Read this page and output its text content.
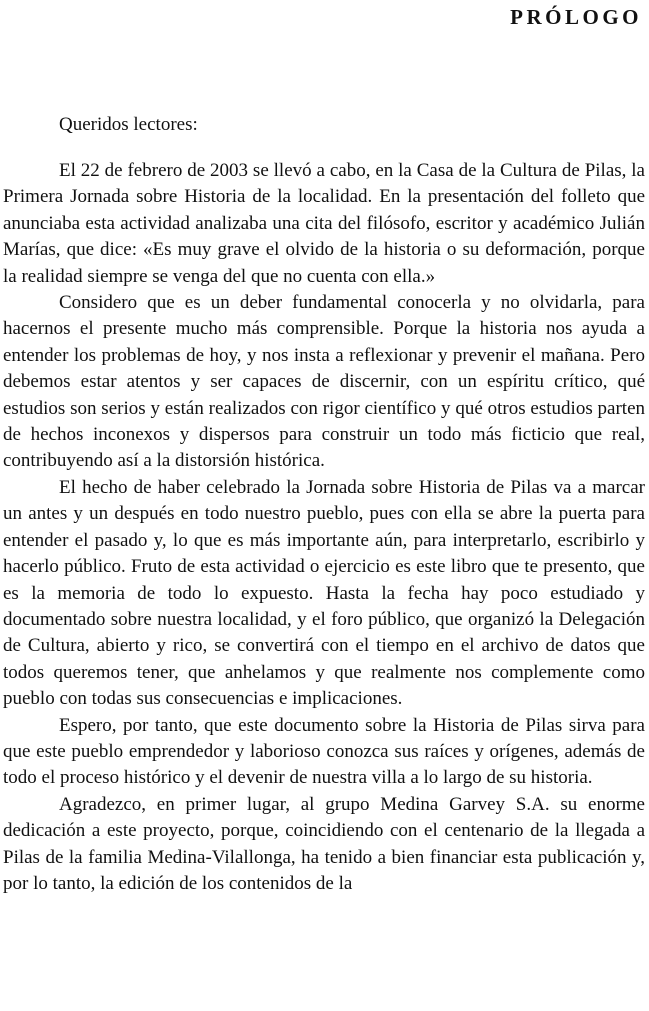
PRÓLOGO

Queridos lectores:

El 22 de febrero de 2003 se llevó a cabo, en la Casa de la Cultura de Pilas, la Primera Jornada sobre Historia de la localidad. En la presentación del folleto que anunciaba esta actividad analizaba una cita del filósofo, escritor y académico Julián Marías, que dice: «Es muy grave el olvido de la historia o su deformación, porque la realidad siempre se venga del que no cuenta con ella.»

Considero que es un deber fundamental conocerla y no olvidarla, para hacernos el presente mucho más comprensible. Porque la historia nos ayuda a entender los problemas de hoy, y nos insta a reflexionar y prevenir el mañana. Pero debemos estar atentos y ser capaces de discernir, con un espíritu crítico, qué estudios son serios y están realizados con rigor científico y qué otros estudios parten de hechos inconexos y dispersos para construir un todo más ficticio que real, contribuyendo así a la distorsión histórica.

El hecho de haber celebrado la Jornada sobre Historia de Pilas va a marcar un antes y un después en todo nuestro pueblo, pues con ella se abre la puerta para entender el pasado y, lo que es más importante aún, para interpretarlo, escribirlo y hacerlo público. Fruto de esta actividad o ejercicio es este libro que te presento, que es la memoria de todo lo expuesto. Hasta la fecha hay poco estudiado y documentado sobre nuestra localidad, y el foro público, que organizó la Delegación de Cultura, abierto y rico, se convertirá con el tiempo en el archivo de datos que todos queremos tener, que anhelamos y que realmente nos complemente como pueblo con todas sus consecuencias e implicaciones.

Espero, por tanto, que este documento sobre la Historia de Pilas sirva para que este pueblo emprendedor y laborioso conozca sus raíces y orígenes, además de todo el proceso histórico y el devenir de nuestra villa a lo largo de su historia.

Agradezco, en primer lugar, al grupo Medina Garvey S.A. su enorme dedicación a este proyecto, porque, coincidiendo con el centenario de la llegada a Pilas de la familia Medina-Vilallonga, ha tenido a bien financiar esta publicación y, por lo tanto, la edición de los contenidos de la
